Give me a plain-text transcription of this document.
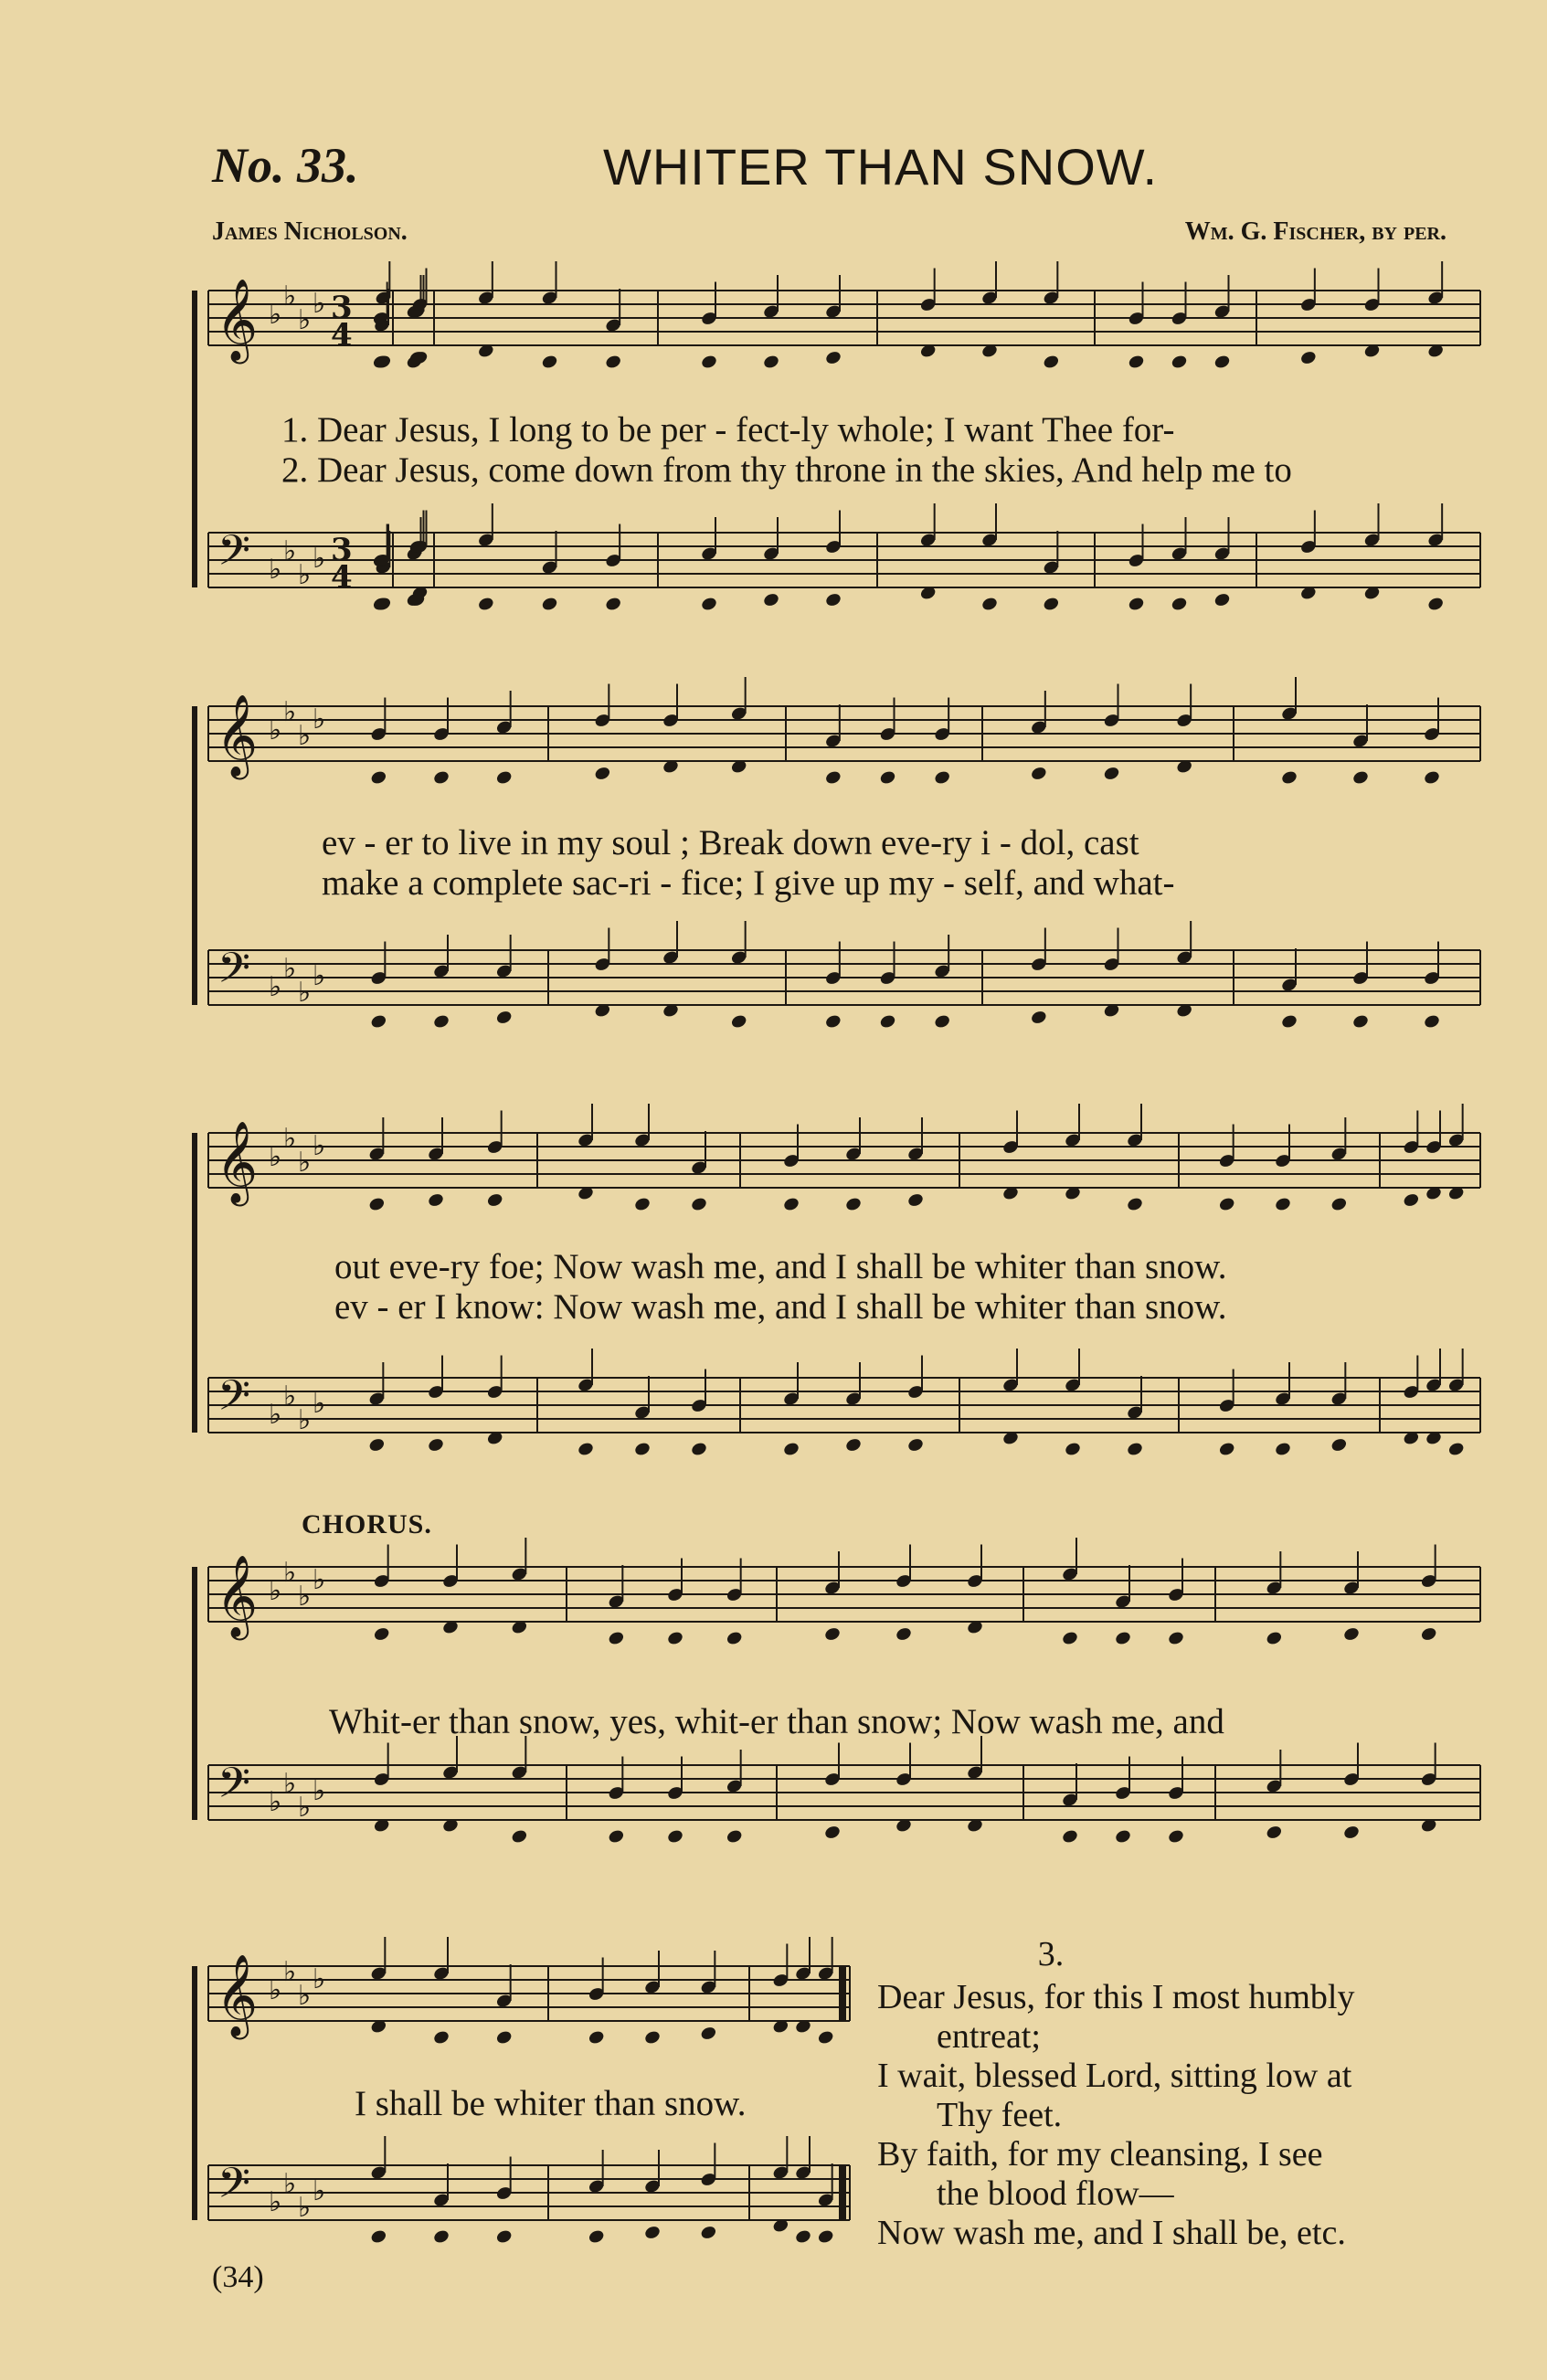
No. 33.	WHITER THAN SNOW.
James Nicholson.	Wm. G. Fischer, by per.
𝄞 ♭
♭
♭
♭ 3
4
𝄢 ♭
♭
♭
♭ 3
4
𝄞 ♭
♭
♭
♭
𝄢 ♭
♭
♭
♭
𝄞 ♭
♭
♭
♭
𝄢 ♭
♭
♭
♭
𝄞 ♭
♭
♭
♭
𝄢 ♭
♭
♭
♭
𝄞 ♭
♭
♭
♭
𝄢 ♭
♭
♭
♭
1. Dear Jesus, I long to be per - fect-ly whole; I want Thee for-
2. Dear Jesus, come down from thy throne in the skies, And help me to
ev - er to live in my soul ; Break down eve-ry i - dol, cast
make a complete sac-ri - fice; I give up my - self, and what-
out eve-ry foe; Now wash me, and I shall be whiter than snow.
ev - er I know: Now wash me, and I shall be whiter than snow.
CHORUS.
Whit-er than snow, yes, whit-er than snow; Now wash me, and
I shall be whiter than snow.
3.
Dear Jesus, for this I most humbly
entreat;
I wait, blessed Lord, sitting low at
Thy feet.
By faith, for my cleansing, I see
the blood flow—
Now wash me, and I shall be, etc.
(34)
